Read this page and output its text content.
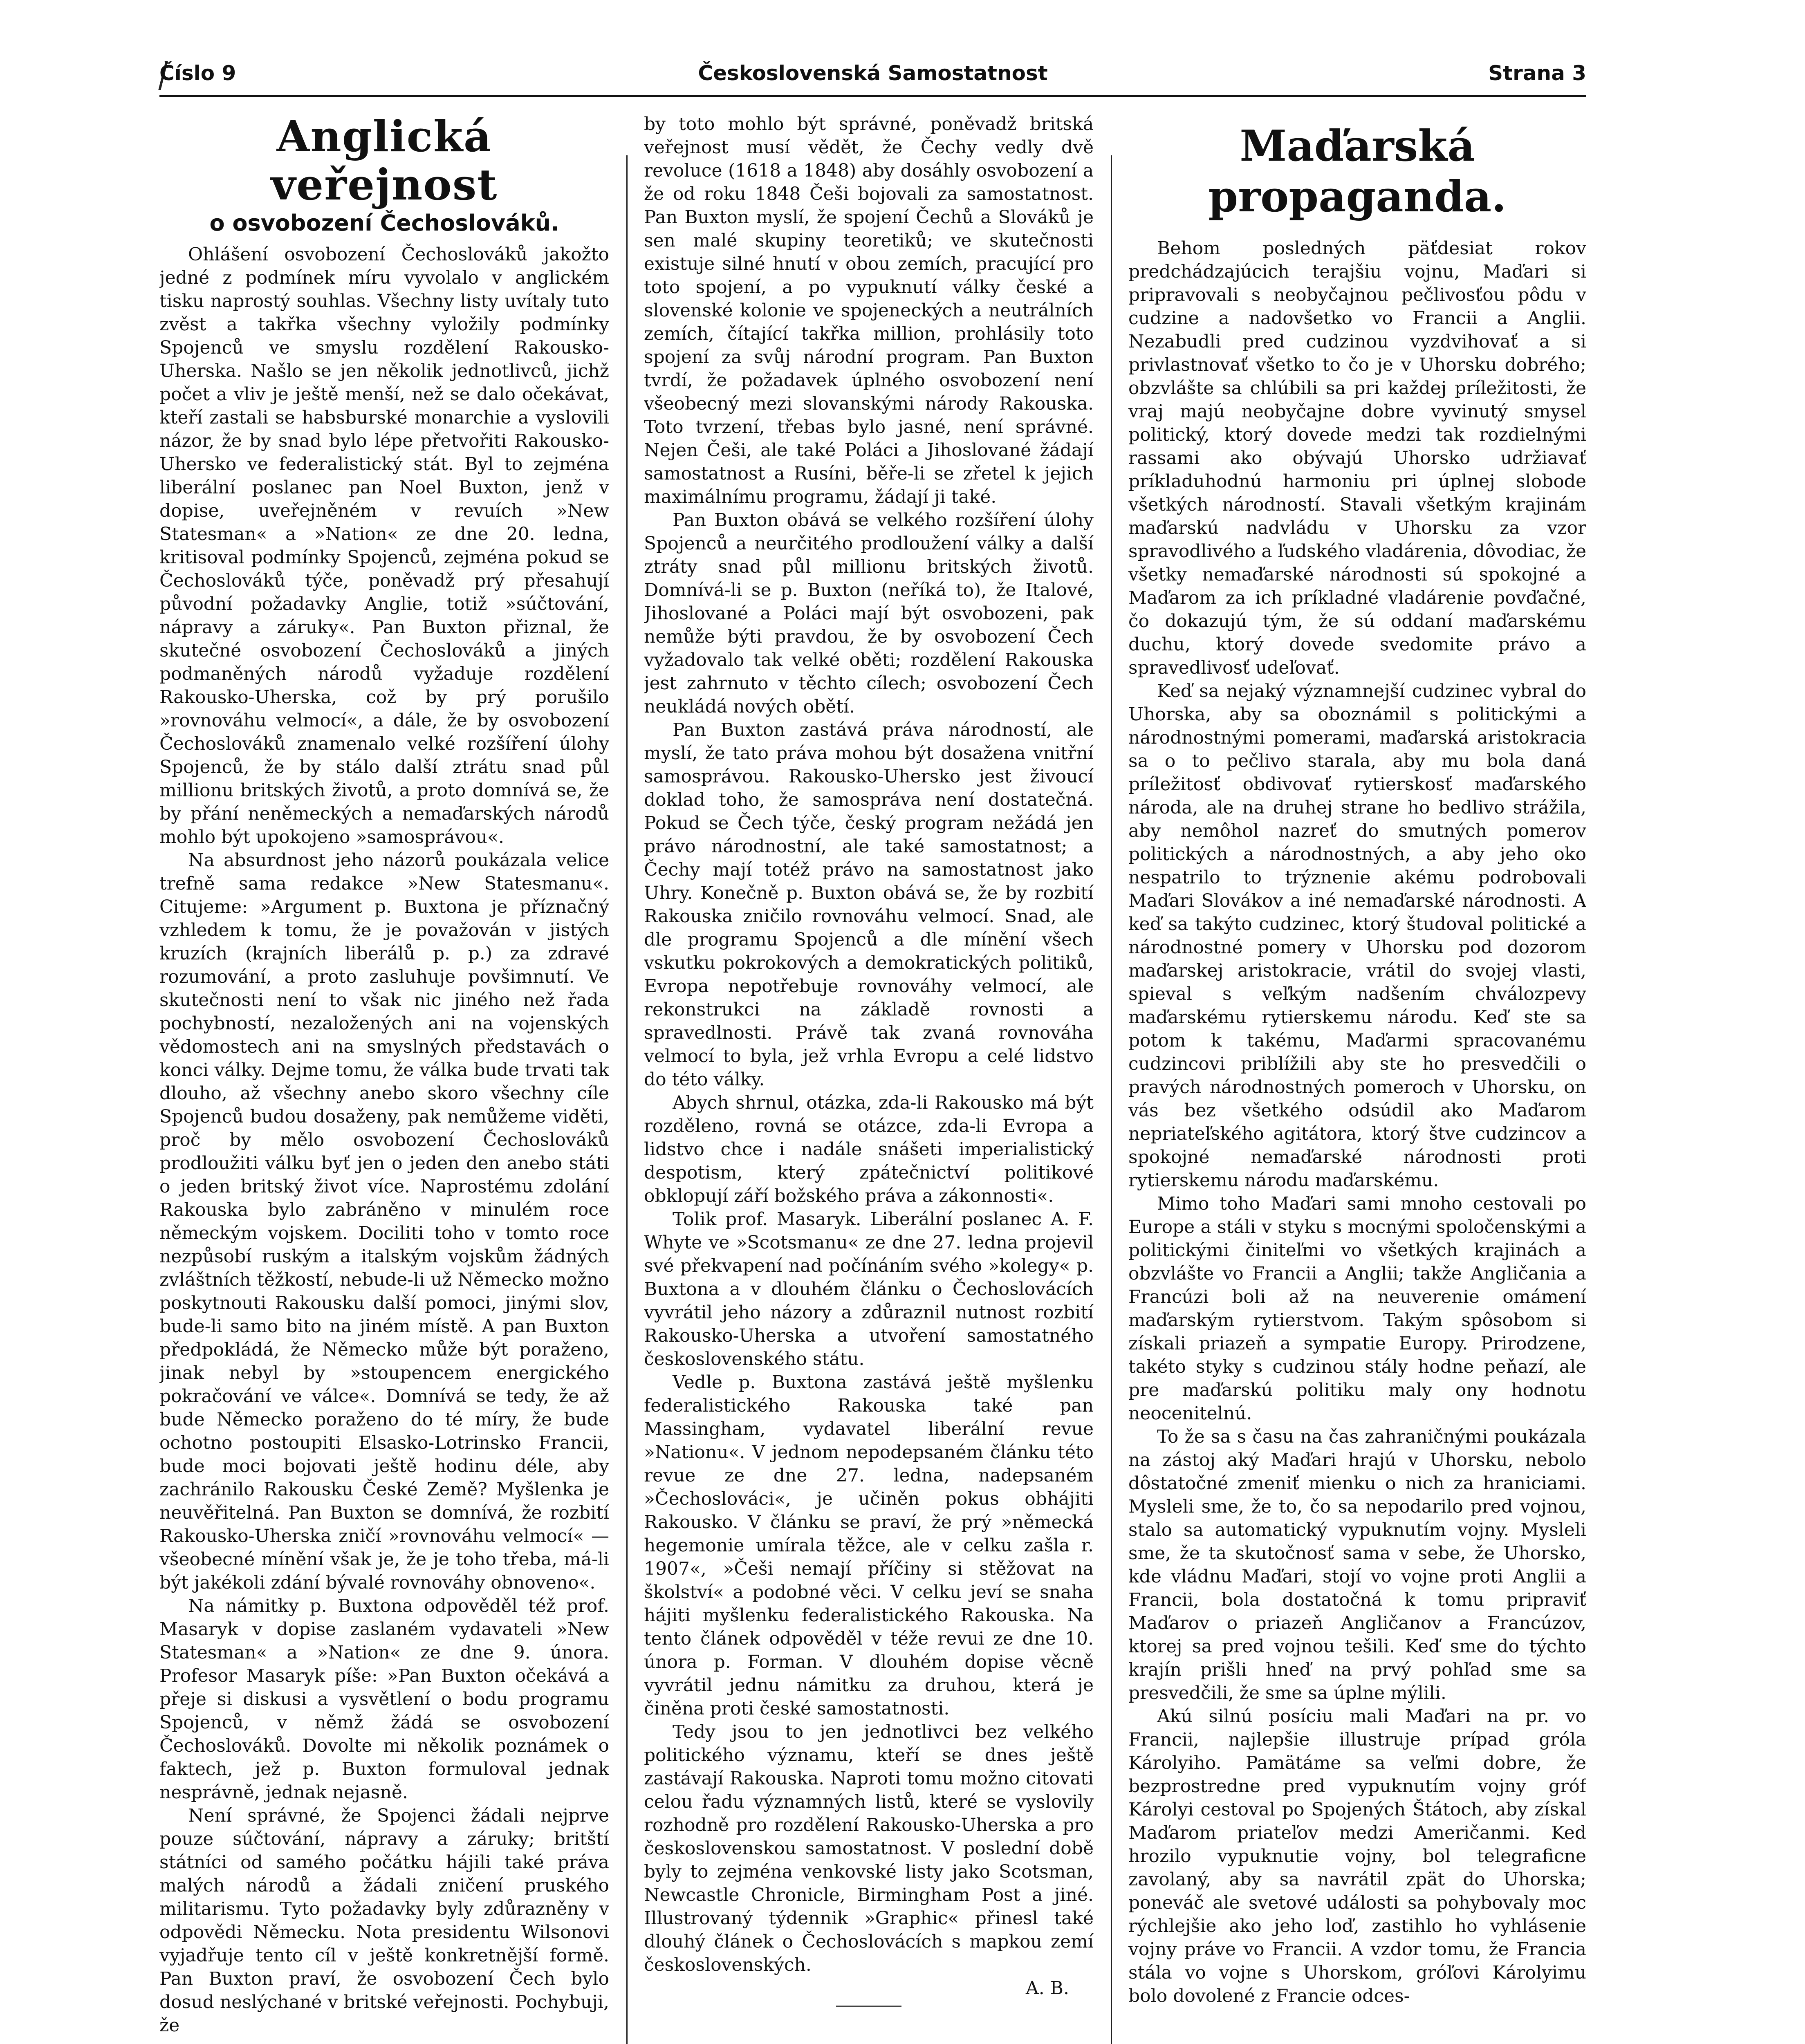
Československá Samostatnost
Číslo 9	Strana 3
Anglická veřejnost
o osvobození Čechoslováků.

Ohlášení osvobození Čechoslováků jakožto jedné z podmínek míru vyvolalo v anglickém tisku naprostý souhlas. Všechny listy uvítaly tuto zvěst a takřka všechny vyložily podmínky Spojenců ve smyslu rozdělení Rakousko-Uherska. Našlo se jen několik jednotlivců, jichž počet a vliv je ještě menší, než se dalo očekávat, kteří zastali se habsburské monarchie a vyslovili názor, že by snad bylo lépe přetvořiti Rakousko-Uhersko ve federalistický stát. Byl to zejména liberální poslanec pan Noel Buxton, jenž v dopise, uveřejněném v revuích »New Statesman« a »Nation« ze dne 20. ledna, kritisoval podmínky Spojenců, zejména pokud se Čechoslováků týče, poněvadž prý přesahují původní požadavky Anglie, totiž »súčtování, nápravy a záruky«. Pan Buxton přiznal, že skutečné osvobození Čechoslováků a jiných podmaněných národů vyžaduje rozdělení Rakousko-Uherska, což by prý porušilo »rovnováhu velmocí«, a dále, že by osvobození Čechoslováků znamenalo velké rozšíření úlohy Spojenců, že by stálo další ztrátu snad půl millionu britských životů, a proto domnívá se, že by přání neněmeckých a nemaďarských národů mohlo být upokojeno »samosprávou«.

Na absurdnost jeho názorů poukázala velice trefně sama redakce »New Statesmanu«. Citujeme: »Argument p. Buxtona je příznačný vzhledem k tomu, že je považován v jistých kruzích (krajních liberálů p. p.) za zdravé rozumování, a proto zasluhuje povšimnutí. Ve skutečnosti není to však nic jiného než řada pochybností, nezaložených ani na vojenských vědomostech ani na smyslných představách o konci války. Dejme tomu, že válka bude trvati tak dlouho, až všechny anebo skoro všechny cíle Spojenců budou dosaženy, pak nemůžeme viděti, proč by mělo osvobození Čechoslováků prodloužiti válku byť jen o jeden den anebo státi o jeden britský život více. Naprostému zdolání Rakouska bylo zabráněno v minulém roce německým vojskem. Dociliti toho v tomto roce nezpůsobí ruským a italským vojskům žádných zvláštních těžkostí, nebude-li už Německo možno poskytnouti Rakousku další pomoci, jinými slov, bude-li samo bito na jiném místě. A pan Buxton předpokládá, že Německo může být poraženo, jinak nebyl by »stoupencem energického pokračování ve válce«. Domnívá se tedy, že až bude Německo poraženo do té míry, že bude ochotno postoupiti Elsasko-Lotrinsko Francii, bude moci bojovati ještě hodinu déle, aby zachránilo Rakousku České Země? Myšlenka je neuvěřitelná. Pan Buxton se domnívá, že rozbití Rakousko-Uherska zničí »rovnováhu velmocí« — všeobecné mínění však je, že je toho třeba, má-li být jakékoli zdání bývalé rovnováhy obnoveno«.

Na námitky p. Buxtona odpověděl též prof. Masaryk v dopise zaslaném vydavateli »New Statesman« a »Nation« ze dne 9. února. Profesor Masaryk píše: »Pan Buxton očekává a přeje si diskusi a vysvětlení o bodu programu Spojenců, v němž žádá se osvobození Čechoslováků. Dovolte mi několik poznámek o faktech, jež p. Buxton formuloval jednak nesprávně, jednak nejasně.

Není správné, že Spojenci žádali nejprve pouze súčtování, nápravy a záruky; britští státníci od samého počátku hájili také práva malých národů a žádali zničení pruského militarismu. Tyto požadavky byly zdůrazněny v odpovědi Německu. Nota presidentu Wilsonovi vyjadřuje tento cíl v ještě konkretnější formě. Pan Buxton praví, že osvobození Čech bylo dosud neslýchané v britské veřejnosti. Pochybuji, že

by toto mohlo být správné, poněvadž britská veřejnost musí vědět, že Čechy vedly dvě revoluce (1618 a 1848) aby dosáhly osvobození a že od roku 1848 Češi bojovali za samostatnost. Pan Buxton myslí, že spojení Čechů a Slováků je sen malé skupiny teoretiků; ve skutečnosti existuje silné hnutí v obou zemích, pracující pro toto spojení, a po vypuknutí války české a slovenské kolonie ve spojeneckých a neutrálních zemích, čítající takřka million, prohlásily toto spojení za svůj národní program. Pan Buxton tvrdí, že požadavek úplného osvobození není všeobecný mezi slovanskými národy Rakouska. Toto tvrzení, třebas bylo jasné, není správné. Nejen Češi, ale také Poláci a Jihoslované žádají samostatnost a Rusíni, běře-li se zřetel k jejich maximálnímu programu, žádají ji také.

Pan Buxton obává se velkého rozšíření úlohy Spojenců a neurčitého prodloužení války a další ztráty snad půl millionu britských životů. Domnívá-li se p. Buxton (neříká to), že Italové, Jihoslované a Poláci mají být osvobozeni, pak nemůže býti pravdou, že by osvobození Čech vyžadovalo tak velké oběti; rozdělení Rakouska jest zahrnuto v těchto cílech; osvobození Čech neukládá nových obětí.

Pan Buxton zastává práva národností, ale myslí, že tato práva mohou být dosažena vnitřní samosprávou. Rakousko-Uhersko jest živoucí doklad toho, že samospráva není dostatečná. Pokud se Čech týče, český program nežádá jen právo národnostní, ale také samostatnost; a Čechy mají totéž právo na samostatnost jako Uhry. Konečně p. Buxton obává se, že by rozbití Rakouska zničilo rovnováhu velmocí. Snad, ale dle programu Spojenců a dle mínění všech vskutku pokrokových a demokratických politiků, Evropa nepotřebuje rovnováhy velmocí, ale rekonstrukci na základě rovnosti a spravedlnosti. Právě tak zvaná rovnováha velmocí to byla, jež vrhla Evropu a celé lidstvo do této války.

Abych shrnul, otázka, zda-li Rakousko má být rozděleno, rovná se otázce, zda-li Evropa a lidstvo chce i nadále snášeti imperialistický despotism, který zpátečnictví politikové obklopují září božského práva a zákonnosti«.

Tolik prof. Masaryk. Liberální poslanec A. F. Whyte ve »Scotsmanu« ze dne 27. ledna projevil své překvapení nad počínáním svého »kolegy« p. Buxtona a v dlouhém článku o Čechoslovácích vyvrátil jeho názory a zdůraznil nutnost rozbití Rakousko-Uherska a utvoření samostatného československého státu.

Vedle p. Buxtona zastává ještě myšlenku federalistického Rakouska také pan Massingham, vydavatel liberální revue »Nationu«. V jednom nepodepsaném článku této revue ze dne 27. ledna, nadepsaném »Čechoslováci«, je učiněn pokus obhájiti Rakousko. V článku se praví, že prý »německá hegemonie umírala těžce, ale v celku zašla r. 1907«, »Češi nemají příčiny si stěžovat na školství« a podobné věci. V celku jeví se snaha hájiti myšlenku federalistického Rakouska. Na tento článek odpověděl v téže revui ze dne 10. února p. Forman. V dlouhém dopise věcně vyvrátil jednu námitku za druhou, která je činěna proti české samostatnosti.

Tedy jsou to jen jednotlivci bez velkého politického významu, kteří se dnes ještě zastávají Rakouska. Naproti tomu možno citovati celou řadu významných listů, které se vyslovily rozhodně pro rozdělení Rakousko-Uherska a pro československou samostatnost. V poslední době byly to zejména venkovské listy jako Scotsman, Newcastle Chronicle, Birmingham Post a jiné. Illustrovaný týdennik »Graphic« přinesl také dlouhý článek o Čechoslovácích s mapkou zemí československých.

A. B.

Maďarská
propaganda.

Behom posledných päťdesiat rokov predchádzajúcich terajšiu vojnu, Maďari si pripravovali s neobyčajnou pečlivosťou pôdu v cudzine a nadovšetko vo Francii a Anglii. Nezabudli pred cudzinou vyzdvihovať a si privlastnovať všetko to čo je v Uhorsku dobrého; obzvlášte sa chlúbili sa pri každej príležitosti, že vraj majú neobyčajne dobre vyvinutý smysel politický, ktorý dovede medzi tak rozdielnými rassami ako obývajú Uhorsko udržiavať príkladuhodnú harmoniu pri úplnej slobode všetkých národností. Stavali všetkým krajinám maďarskú nadvládu v Uhorsku za vzor spravodlivého a ľudského vladárenia, dôvodiac, že všetky nemaďarské národnosti sú spokojné a Maďarom za ich príkladné vladárenie povďačné, čo dokazujú tým, že sú oddaní maďarskému duchu, ktorý dovede svedomite právo a spravedlivosť udeľovať.

Keď sa nejaký významnejší cudzinec vybral do Uhorska, aby sa oboznámil s politickými a národnostnými pomerami, maďarská aristokracia sa o to pečlivo starala, aby mu bola daná príležitosť obdivovať rytierskosť maďarského národa, ale na druhej strane ho bedlivo strážila, aby nemôhol nazreť do smutných pomerov politických a národnostných, a aby jeho oko nespatrilo to trýznenie akému podrobovali Maďari Slovákov a iné nemaďarské národnosti. A keď sa takýto cudzinec, ktorý študoval politické a národnostné pomery v Uhorsku pod dozorom maďarskej aristokracie, vrátil do svojej vlasti, spieval s veľkým nadšením chválozpevy maďarskému rytierskemu národu. Keď ste sa potom k takému, Maďarmi spracovanému cudzincovi priblížili aby ste ho presvedčili o pravých národnostných pomeroch v Uhorsku, on vás bez všetkého odsúdil ako Maďarom nepriateľského agitátora, ktorý štve cudzincov a spokojné nemaďarské národnosti proti rytierskemu národu maďarskému.

Mimo toho Maďari sami mnoho cestovali po Europe a stáli v styku s mocnými spoločenskými a politickými činiteľmi vo všetkých krajinách a obzvlášte vo Francii a Anglii; takže Angličania a Francúzi boli až na neuverenie omámení maďarským rytierstvom. Takým spôsobom si získali priazeň a sympatie Europy. Prirodzene, takéto styky s cudzinou stály hodne peňazí, ale pre maďarskú politiku maly ony hodnotu neocenitelnú.

To že sa s času na čas zahraničnými poukázala na zástoj aký Maďari hrajú v Uhorsku, nebolo dôstatočné zmeniť mienku o nich za hraniciami. Mysleli sme, že to, čo sa nepodarilo pred vojnou, stalo sa automatický vypuknutím vojny. Mysleli sme, že ta skutočnosť sama v sebe, že Uhorsko, kde vládnu Maďari, stojí vo vojne proti Anglii a Francii, bola dostatočná k tomu pripraviť Maďarov o priazeň Angličanov a Francúzov, ktorej sa pred vojnou tešili. Keď sme do týchto krajín prišli hneď na prvý pohľad sme sa presvedčili, že sme sa úplne mýlili.

Akú silnú posíciu mali Maďari na pr. vo Francii, najlepšie illustruje prípad gróla Károlyiho. Pamätáme sa veľmi dobre, že bezprostredne pred vypuknutím vojny gróf Károlyi cestoval po Spojených Štátoch, aby získal Maďarom priateľov medzi Američanmi. Keď hrozilo vypuknutie vojny, bol telegraficne zavolaný, aby sa navrátil zpät do Uhorska; poneváč ale svetové události sa pohybovaly moc rýchlejšie ako jeho loď, zastihlo ho vyhlásenie vojny práve vo Francii. A vzdor tomu, že Francia stála vo vojne s Uhorskom, gróľovi Károlyimu bolo dovolené z Francie odces-
